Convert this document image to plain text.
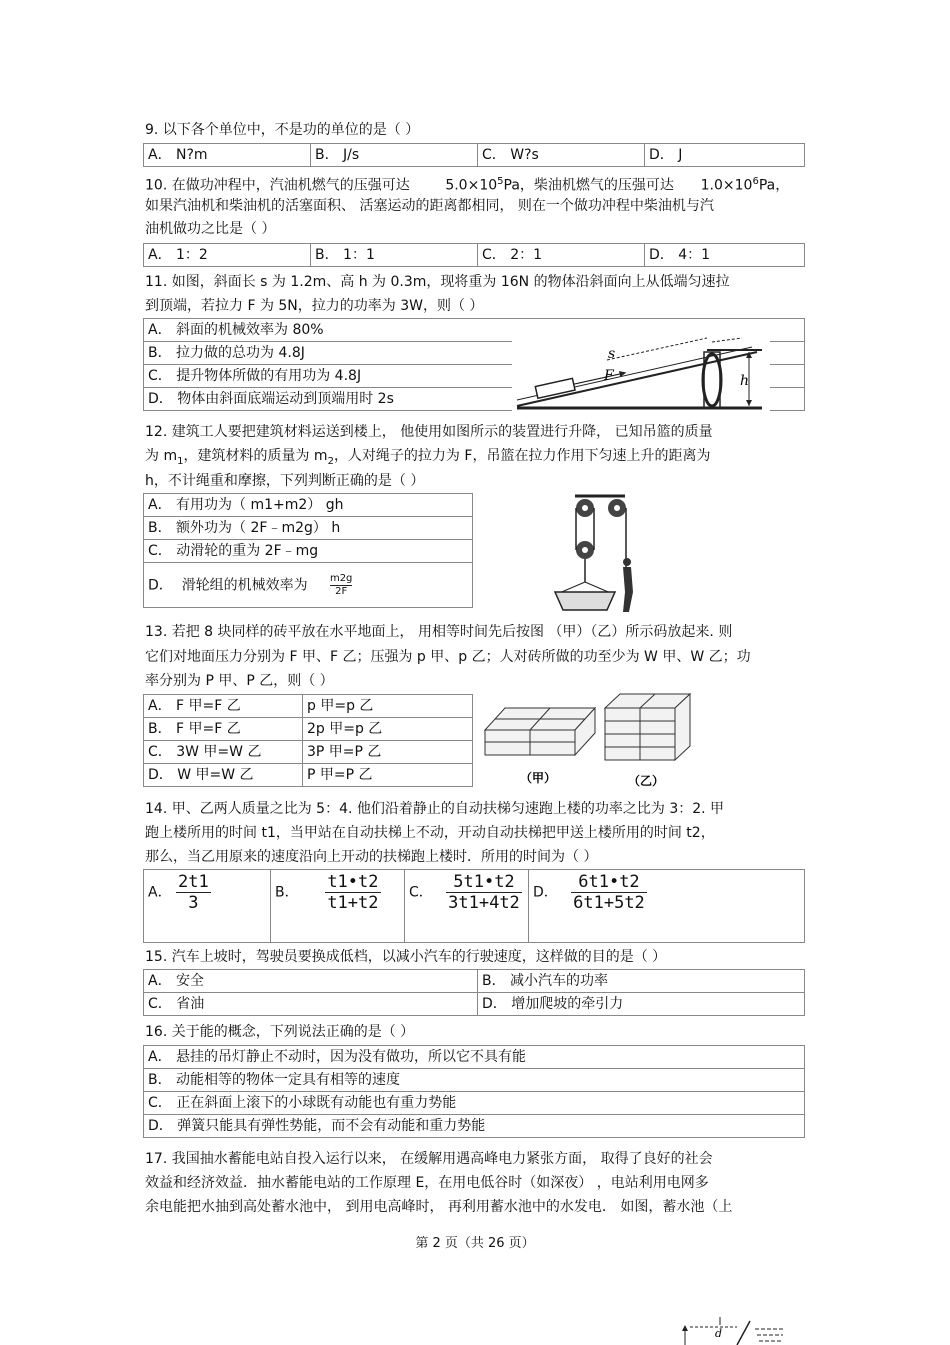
9. 以下各个单位中，不是功的单位的是（ ）
A． N?m	B． J/s	C． W?s	D． J
10. 在做功冲程中，汽油机燃气的压强可达	$5.0\times 10^5Pa$，柴油机燃气的压强可达 $1.0\times 10^6Pa$，
如果汽油机和柴油机的活塞面积、 活塞运动的距离都相同， 则在一个做功冲程中柴油机与汽
油机做功之比是（ ）
A． 1：2	B． 1：1	C． 2：1	D． 4：1
11. 如图，斜面长 s 为 1.2m、高 h 为 0.3m，现将重为 16N 的物体沿斜面向上从低端匀速拉
到顶端，若拉力 F 为 5N，拉力的功率为 3W，则（ ）
A． 斜面的机械效率为 80%
B． 拉力做的总功为 4.8J
C． 提升物体所做的有用功为 4.8J
D． 物体由斜面底端运动到顶端用时 2s
F
s
h
12. 建筑工人要把建筑材料运送到楼上， 他使用如图所示的装置进行升降， 已知吊篮的质量
为 $m_1$，建筑材料的质量为 $m_2$，人对绳子的拉力为 F，吊篮在拉力作用下匀速上升的距离为
h，不计绳重和摩擦，下列判断正确的是（ ）
A． 有用功为（ m1+m2） gh
B． 额外功为（ 2F﹣m2g） h
C． 动滑轮的重为 2F﹣mg
D． 滑轮组的机械效率为 $\frac{m2g}{2F}$
13. 若把 8 块同样的砖平放在水平地面上， 用相等时间先后按图 （甲）（乙）所示码放起来. 则
它们对地面压力分别为 F 甲、F 乙；压强为 p 甲、p 乙；人对砖所做的功至少为 W 甲、W 乙；功
率分别为 P 甲、P 乙，则（ ）
A． F 甲=F 乙	p 甲=p 乙
B． F 甲=F 乙	2p 甲=p 乙
C． 3W 甲=W 乙	3P 甲=P 乙
D． W 甲=W 乙	P 甲=P 乙	（甲）	（乙）
14. 甲、乙两人质量之比为 5：4. 他们沿着静止的自动扶梯匀速跑上楼的功率之比为 3：2. 甲
跑上楼所用的时间 t1，当甲站在自动扶梯上不动，开动自动扶梯把甲送上楼所用的时间 t2，
那么，当乙用原来的速度沿向上开动的扶梯跑上楼时．所用的时间为（ ）
A． $\frac{2t1}{3}$	B． $\frac{t1•t2}{t1+t2}$	C． $\frac{5t1•t2}{3t1+4t2}$	D． $\frac{6t1•t2}{6t1+5t2}$
15. 汽车上坡时，驾驶员要换成低档，以减小汽车的行驶速度，这样做的目的是（ ）
A． 安全	B． 减小汽车的功率
C． 省油	D． 增加爬坡的牵引力
16. 关于能的概念，下列说法正确的是（ ）
A． 悬挂的吊灯静止不动时，因为没有做功，所以它不具有能
B． 动能相等的物体一定具有相等的速度
C． 正在斜面上滚下的小球既有动能也有重力势能
D． 弹簧只能具有弹性势能，而不会有动能和重力势能
17. 我国抽水蓄能电站自投入运行以来， 在缓解用遇高峰电力紧张方面， 取得了良好的社会
效益和经济效益．抽水蓄能电站的工作原理 E，在用电低谷时（如深夜） ，电站利用电网多
余电能把水抽到高处蓄水池中， 到用电高峰时， 再利用蓄水池中的水发电． 如图，蓄水池（上
第 2 页（共 26 页）
d
